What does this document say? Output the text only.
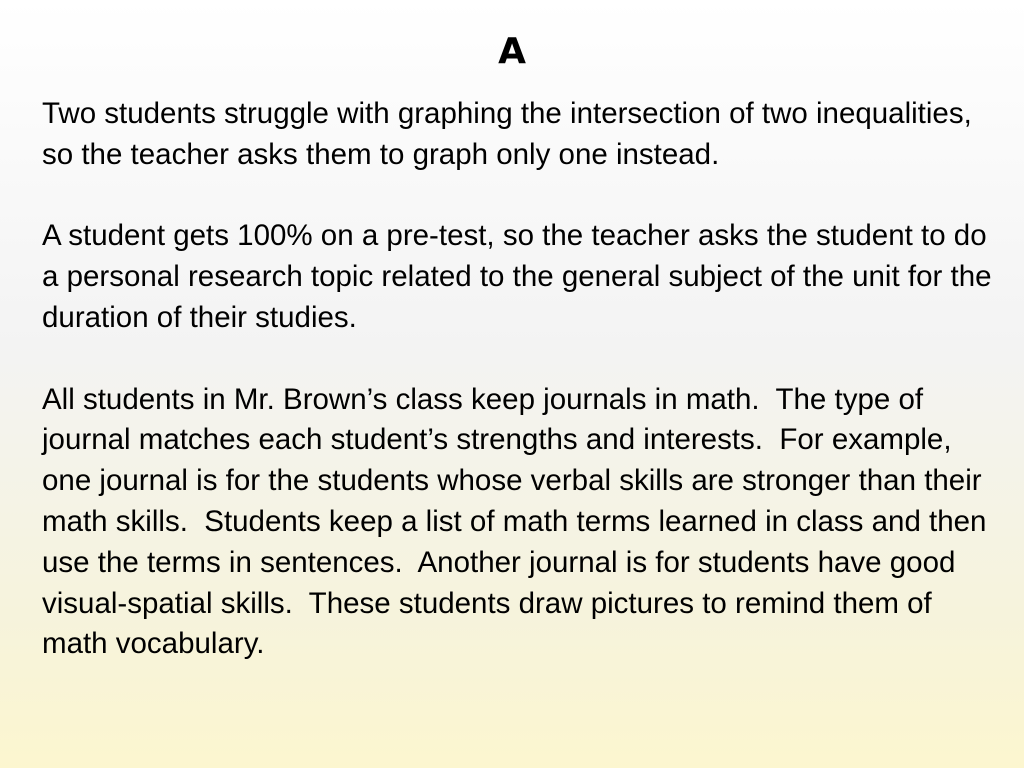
A

Two students struggle with graphing the intersection of two inequalities, so the teacher asks them to graph only one instead.

A student gets 100% on a pre-test, so the teacher asks the student to do a personal research topic related to the general subject of the unit for the duration of their studies.

All students in Mr. Brown’s class keep journals in math.  The type of journal matches each student’s strengths and interests.  For example, one journal is for the students whose verbal skills are stronger than their math skills.  Students keep a list of math terms learned in class and then use the terms in sentences.  Another journal is for students have good visual-spatial skills.  These students draw pictures to remind them of math vocabulary.
